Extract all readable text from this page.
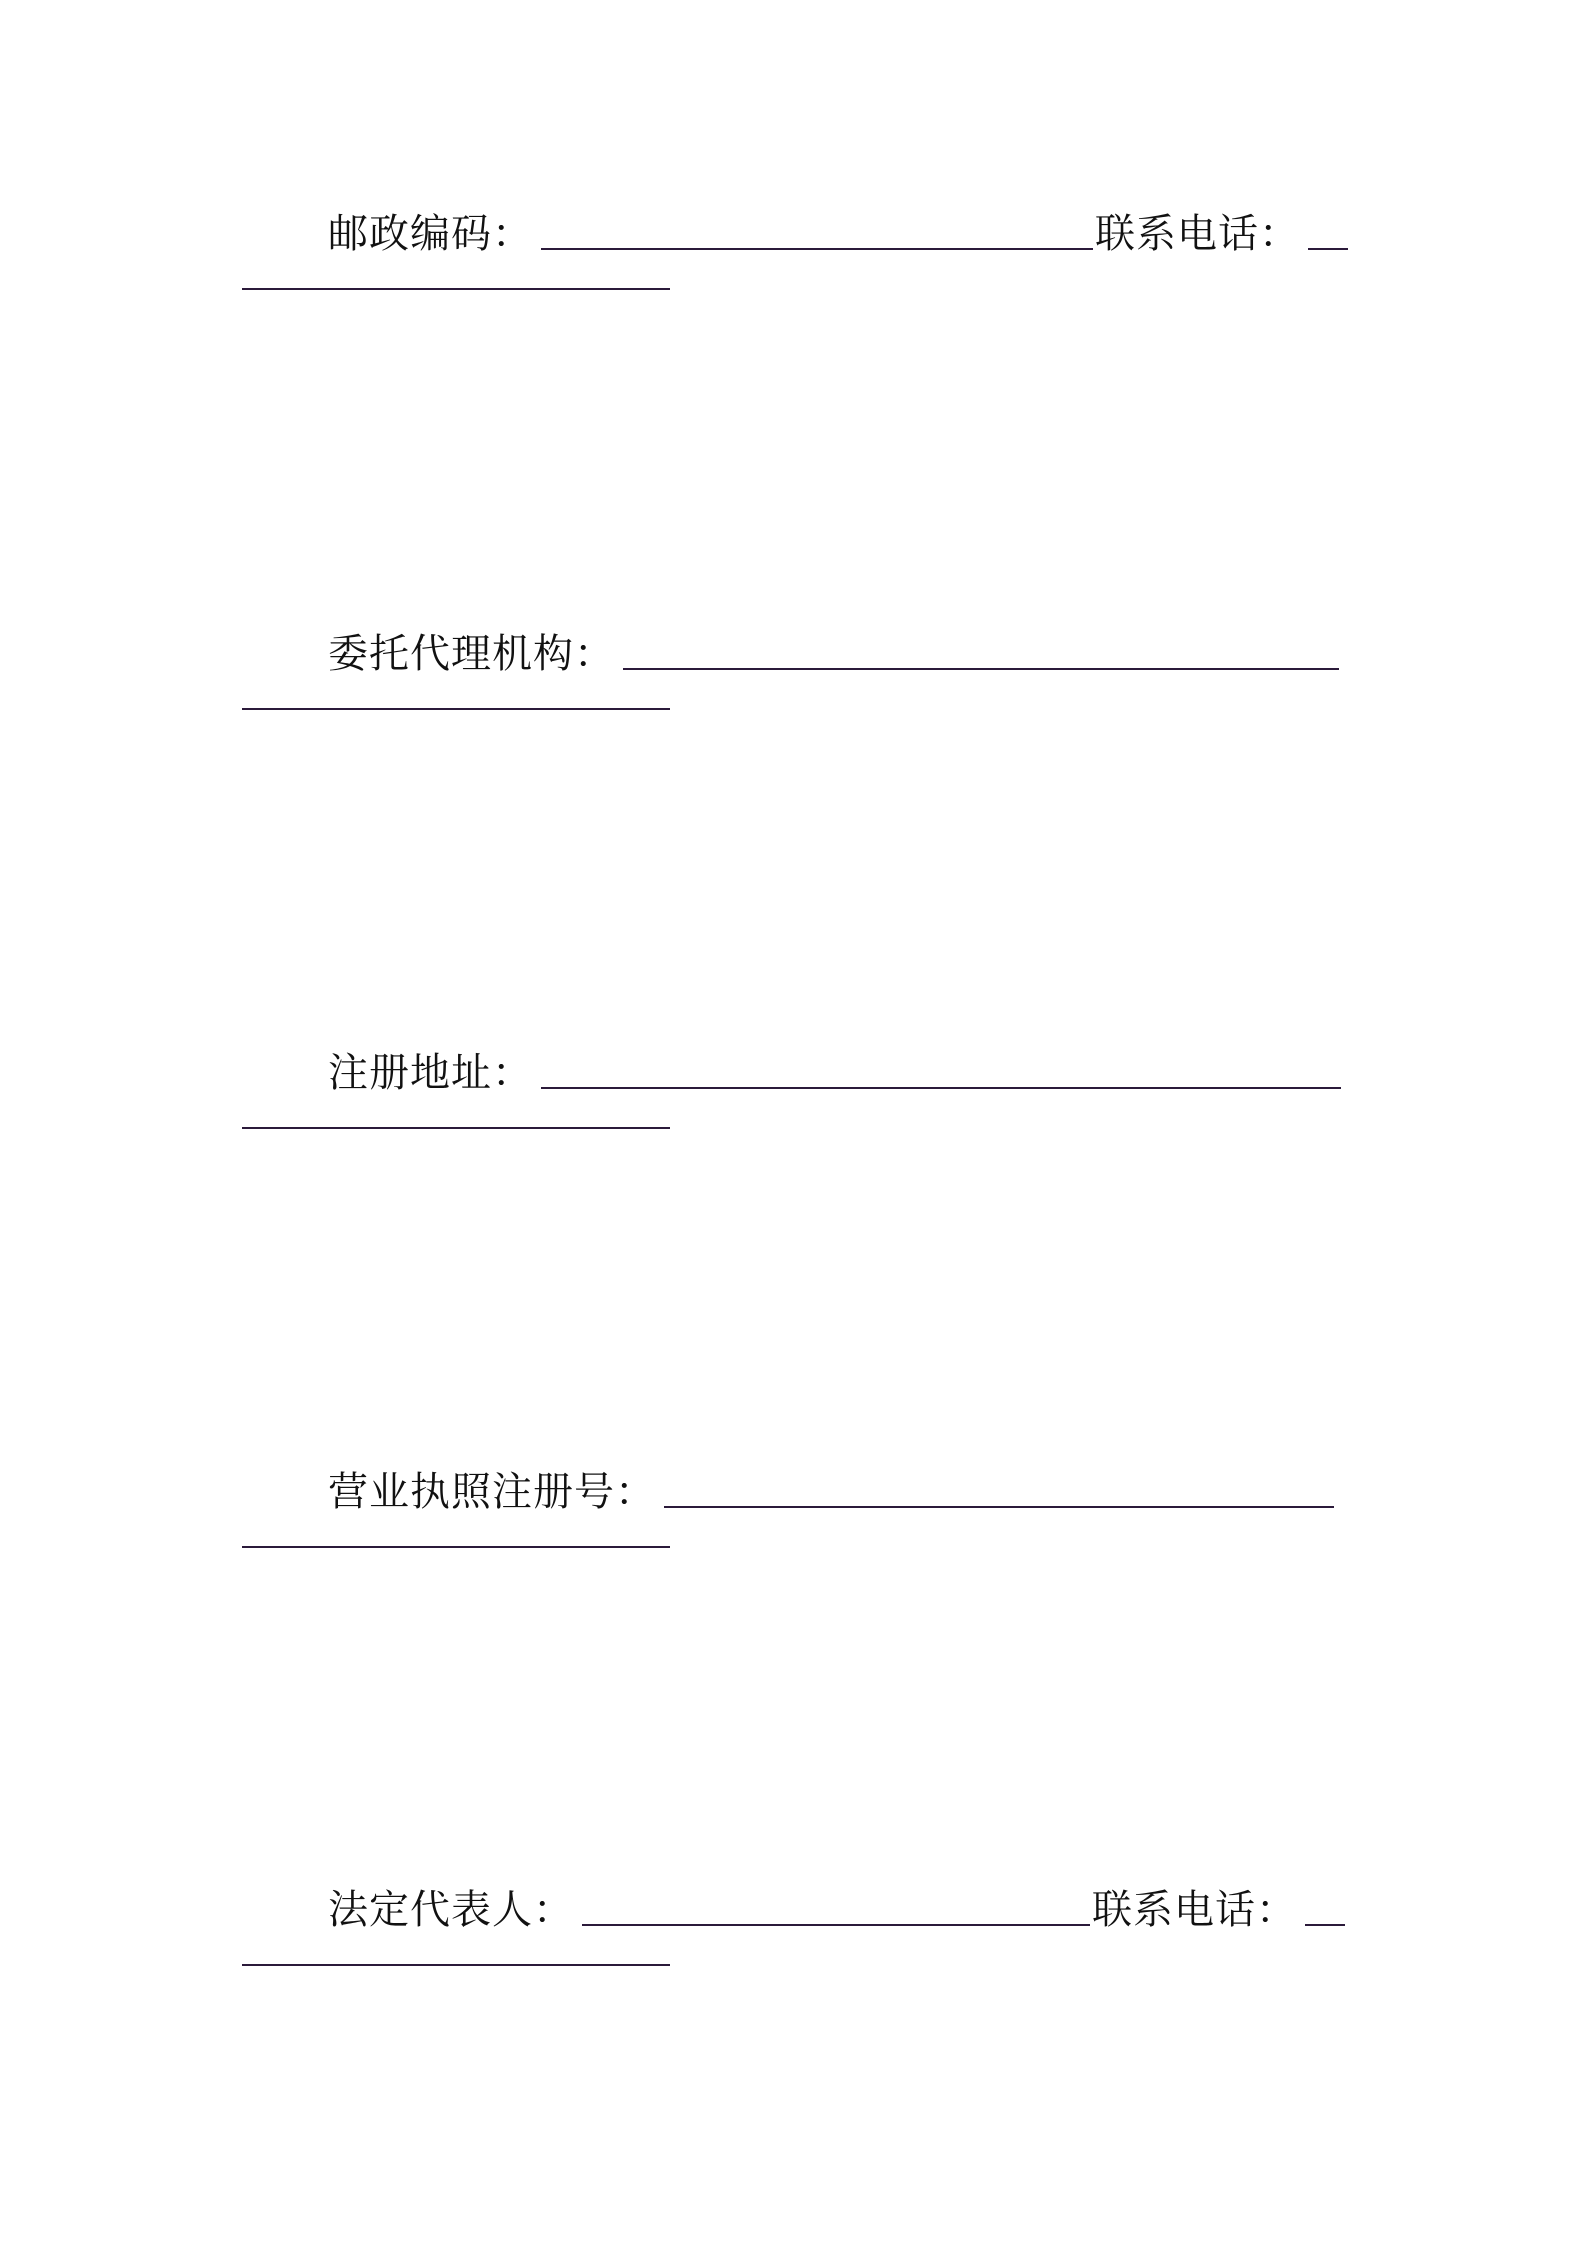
邮政编码：	联系电话：
委托代理机构：
注册地址：
营业执照注册号：
法定代表人：	联系电话：
